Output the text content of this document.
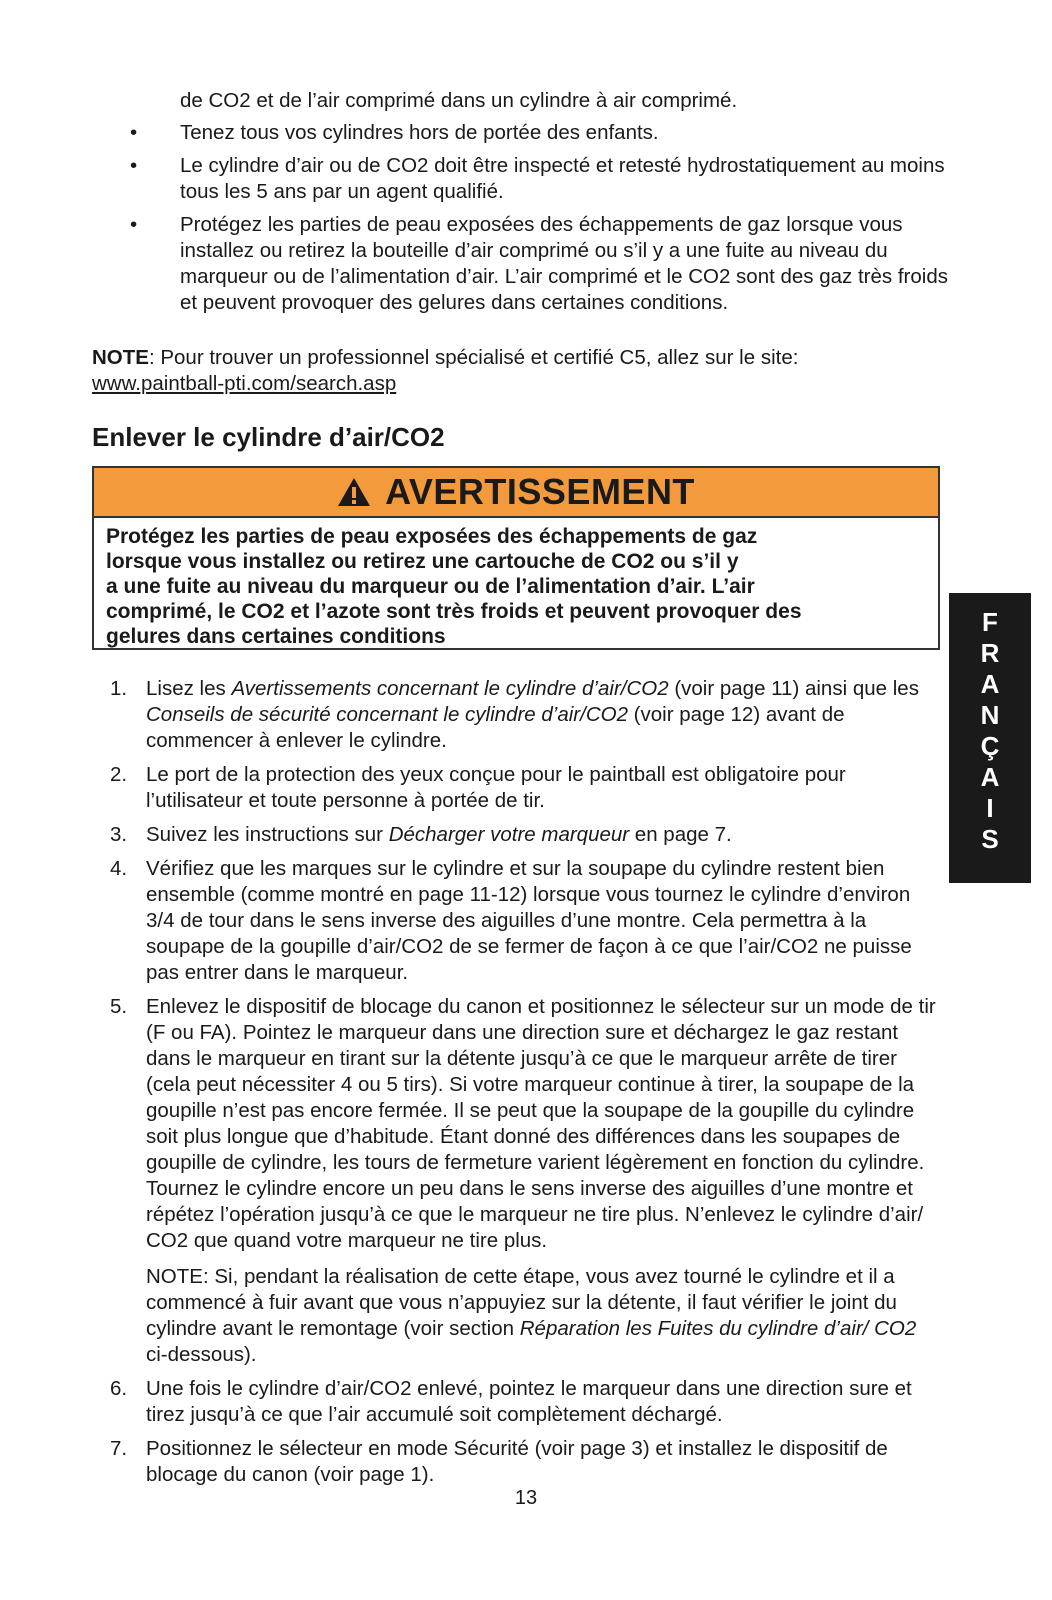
de CO2 et de l’air comprimé dans un cylindre à air comprimé.

• Tenez tous vos cylindres hors de portée des enfants.
• Le cylindre d’air ou de CO2 doit être inspecté et retesté hydrostatiquement au moins tous les 5 ans par un agent qualifié.
• Protégez les parties de peau exposées des échappements de gaz lorsque vous installez ou retirez la bouteille d’air comprimé ou s’il y a une fuite au niveau du marqueur ou de l’alimentation d’air. L’air comprimé et le CO2 sont des gaz très froids et peuvent provoquer des gelures dans certaines conditions.

NOTE: Pour trouver un professionnel spécialisé et certifié C5, allez sur le site:
www.paintball-pti.com/search.asp

Enlever le cylindre d’air/CO2
AVERTISSEMENT
Protégez les parties de peau exposées des échappements de gaz
lorsque vous installez ou retirez une cartouche de CO2 ou s’il y
a une fuite au niveau du marqueur ou de l’alimentation d’air. L’air
comprimé, le CO2 et l’azote sont très froids et peuvent provoquer des
gelures dans certaines conditions
1. Lisez les Avertissements concernant le cylindre d’air/CO2 (voir page 11) ainsi que les Conseils de sécurité concernant le cylindre d’air/CO2 (voir page 12) avant de commencer à enlever le cylindre.
2. Le port de la protection des yeux conçue pour le paintball est obligatoire pour l’utilisateur et toute personne à portée de tir.
3. Suivez les instructions sur Décharger votre marqueur en page 7.
4. Vérifiez que les marques sur le cylindre et sur la soupape du cylindre restent bien ensemble (comme montré en page 11-12) lorsque vous tournez le cylindre d’environ 3/4 de tour dans le sens inverse des aiguilles d’une montre. Cela permettra à la soupape de la goupille d’air/CO2 de se fermer de façon à ce que l’air/CO2 ne puisse pas entrer dans le marqueur.
5. Enlevez le dispositif de blocage du canon et positionnez le sélecteur sur un mode de tir (F ou FA). Pointez le marqueur dans une direction sure et déchargez le gaz restant dans le marqueur en tirant sur la détente jusqu’à ce que le marqueur arrête de tirer (cela peut nécessiter 4 ou 5 tirs). Si votre marqueur continue à tirer, la soupape de la goupille n’est pas encore fermée. Il se peut que la soupape de la goupille du cylindre soit plus longue que d’habitude. Étant donné des différences dans les soupapes de goupille de cylindre, les tours de fermeture varient légèrement en fonction du cylindre. Tournez le cylindre encore un peu dans le sens inverse des aiguilles d’une montre et répétez l’opération jusqu’à ce que le marqueur ne tire plus. N’enlevez le cylindre d’air/ CO2 que quand votre marqueur ne tire plus.
NOTE: Si, pendant la réalisation de cette étape, vous avez tourné le cylindre et il a commencé à fuir avant que vous n’appuyiez sur la détente, il faut vérifier le joint du cylindre avant le remontage (voir section Réparation les Fuites du cylindre d’air/ CO2 ci-dessous).
6. Une fois le cylindre d’air/CO2 enlevé, pointez le marqueur dans une direction sure et tirez jusqu’à ce que l’air accumulé soit complètement déchargé.
7. Positionnez le sélecteur en mode Sécurité (voir page 3) et installez le dispositif de blocage du canon (voir page 1).
F
R
A
N
Ç
A
I
S
13
